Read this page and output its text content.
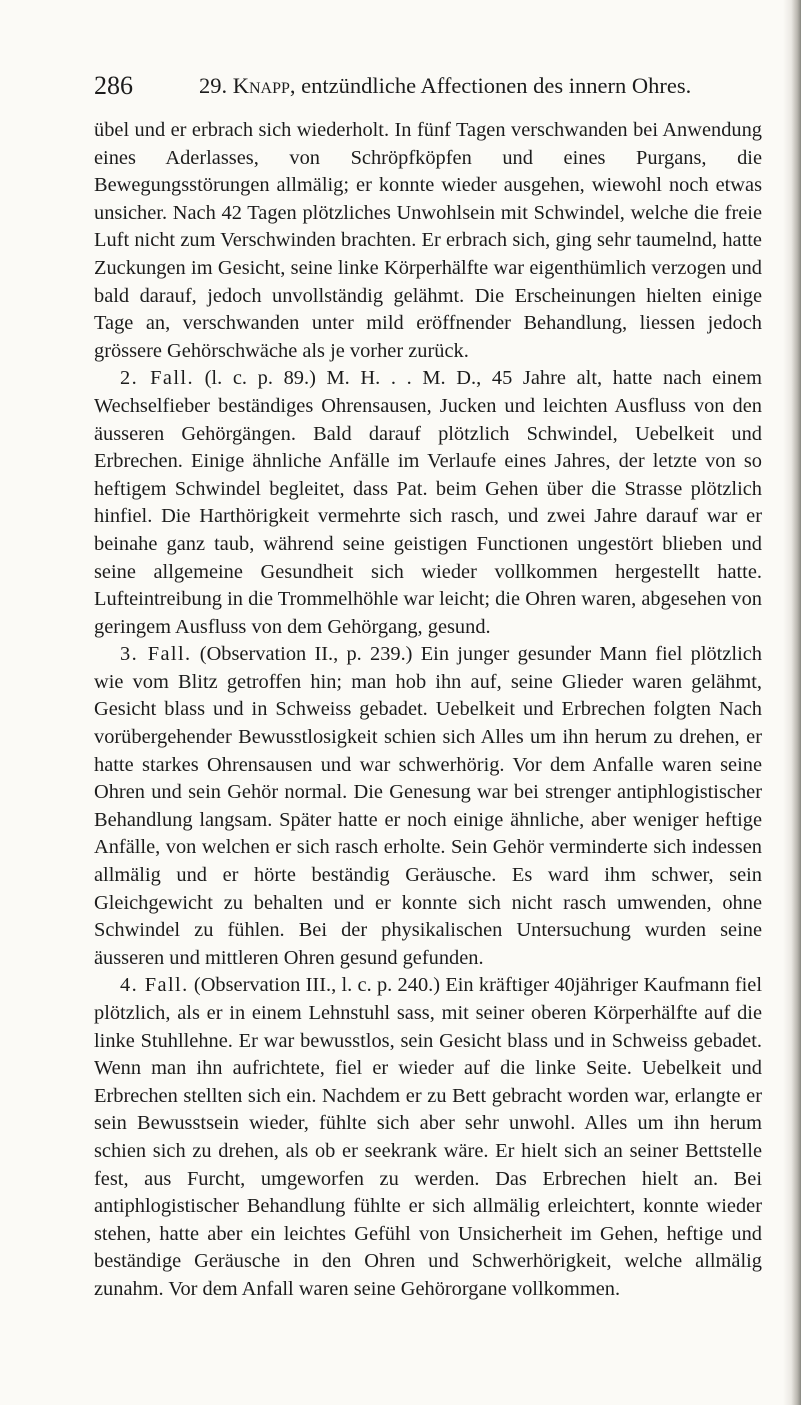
286	29. Knapp, entzündliche Affectionen des innern Ohres.

übel und er erbrach sich wiederholt. In fünf Tagen verschwanden bei Anwendung eines Aderlasses, von Schröpfköpfen und eines Purgans, die Bewegungsstörungen allmälig; er konnte wieder ausgehen, wiewohl noch etwas unsicher. Nach 42 Tagen plötzliches Unwohlsein mit Schwindel, welche die freie Luft nicht zum Verschwinden brachten. Er erbrach sich, ging sehr taumelnd, hatte Zuckungen im Gesicht, seine linke Körperhälfte war eigenthümlich verzogen und bald darauf, jedoch unvollständig gelähmt. Die Erscheinungen hielten einige Tage an, verschwanden unter mild eröffnender Behandlung, liessen jedoch grössere Gehörschwäche als je vorher zurück.

2. Fall. (l. c. p. 89.) M. H. . . M. D., 45 Jahre alt, hatte nach einem Wechselfieber beständiges Ohrensausen, Jucken und leichten Ausfluss von den äusseren Gehörgängen. Bald darauf plötzlich Schwindel, Uebelkeit und Erbrechen. Einige ähnliche Anfälle im Verlaufe eines Jahres, der letzte von so heftigem Schwindel begleitet, dass Pat. beim Gehen über die Strasse plötzlich hinfiel. Die Harthörigkeit vermehrte sich rasch, und zwei Jahre darauf war er beinahe ganz taub, während seine geistigen Functionen ungestört blieben und seine allgemeine Gesundheit sich wieder vollkommen hergestellt hatte. Lufteintreibung in die Trommelhöhle war leicht; die Ohren waren, abgesehen von geringem Ausfluss von dem Gehörgang, gesund.

3. Fall. (Observation II., p. 239.) Ein junger gesunder Mann fiel plötzlich wie vom Blitz getroffen hin; man hob ihn auf, seine Glieder waren gelähmt, Gesicht blass und in Schweiss gebadet. Uebelkeit und Erbrechen folgten Nach vorübergehender Bewusstlosigkeit schien sich Alles um ihn herum zu drehen, er hatte starkes Ohrensausen und war schwerhörig. Vor dem Anfalle waren seine Ohren und sein Gehör normal. Die Genesung war bei strenger antiphlogistischer Behandlung langsam. Später hatte er noch einige ähnliche, aber weniger heftige Anfälle, von welchen er sich rasch erholte. Sein Gehör verminderte sich indessen allmälig und er hörte beständig Geräusche. Es ward ihm schwer, sein Gleichgewicht zu behalten und er konnte sich nicht rasch umwenden, ohne Schwindel zu fühlen. Bei der physikalischen Untersuchung wurden seine äusseren und mittleren Ohren gesund gefunden.

4. Fall. (Observation III., l. c. p. 240.) Ein kräftiger 40jähriger Kaufmann fiel plötzlich, als er in einem Lehnstuhl sass, mit seiner oberen Körperhälfte auf die linke Stuhllehne. Er war bewusstlos, sein Gesicht blass und in Schweiss gebadet. Wenn man ihn aufrichtete, fiel er wieder auf die linke Seite. Uebelkeit und Erbrechen stellten sich ein. Nachdem er zu Bett gebracht worden war, erlangte er sein Bewusstsein wieder, fühlte sich aber sehr unwohl. Alles um ihn herum schien sich zu drehen, als ob er seekrank wäre. Er hielt sich an seiner Bettstelle fest, aus Furcht, umgeworfen zu werden. Das Erbrechen hielt an. Bei antiphlogistischer Behandlung fühlte er sich allmälig erleichtert, konnte wieder stehen, hatte aber ein leichtes Gefühl von Unsicherheit im Gehen, heftige und beständige Geräusche in den Ohren und Schwerhörigkeit, welche allmälig zunahm. Vor dem Anfall waren seine Gehörorgane vollkommen.
